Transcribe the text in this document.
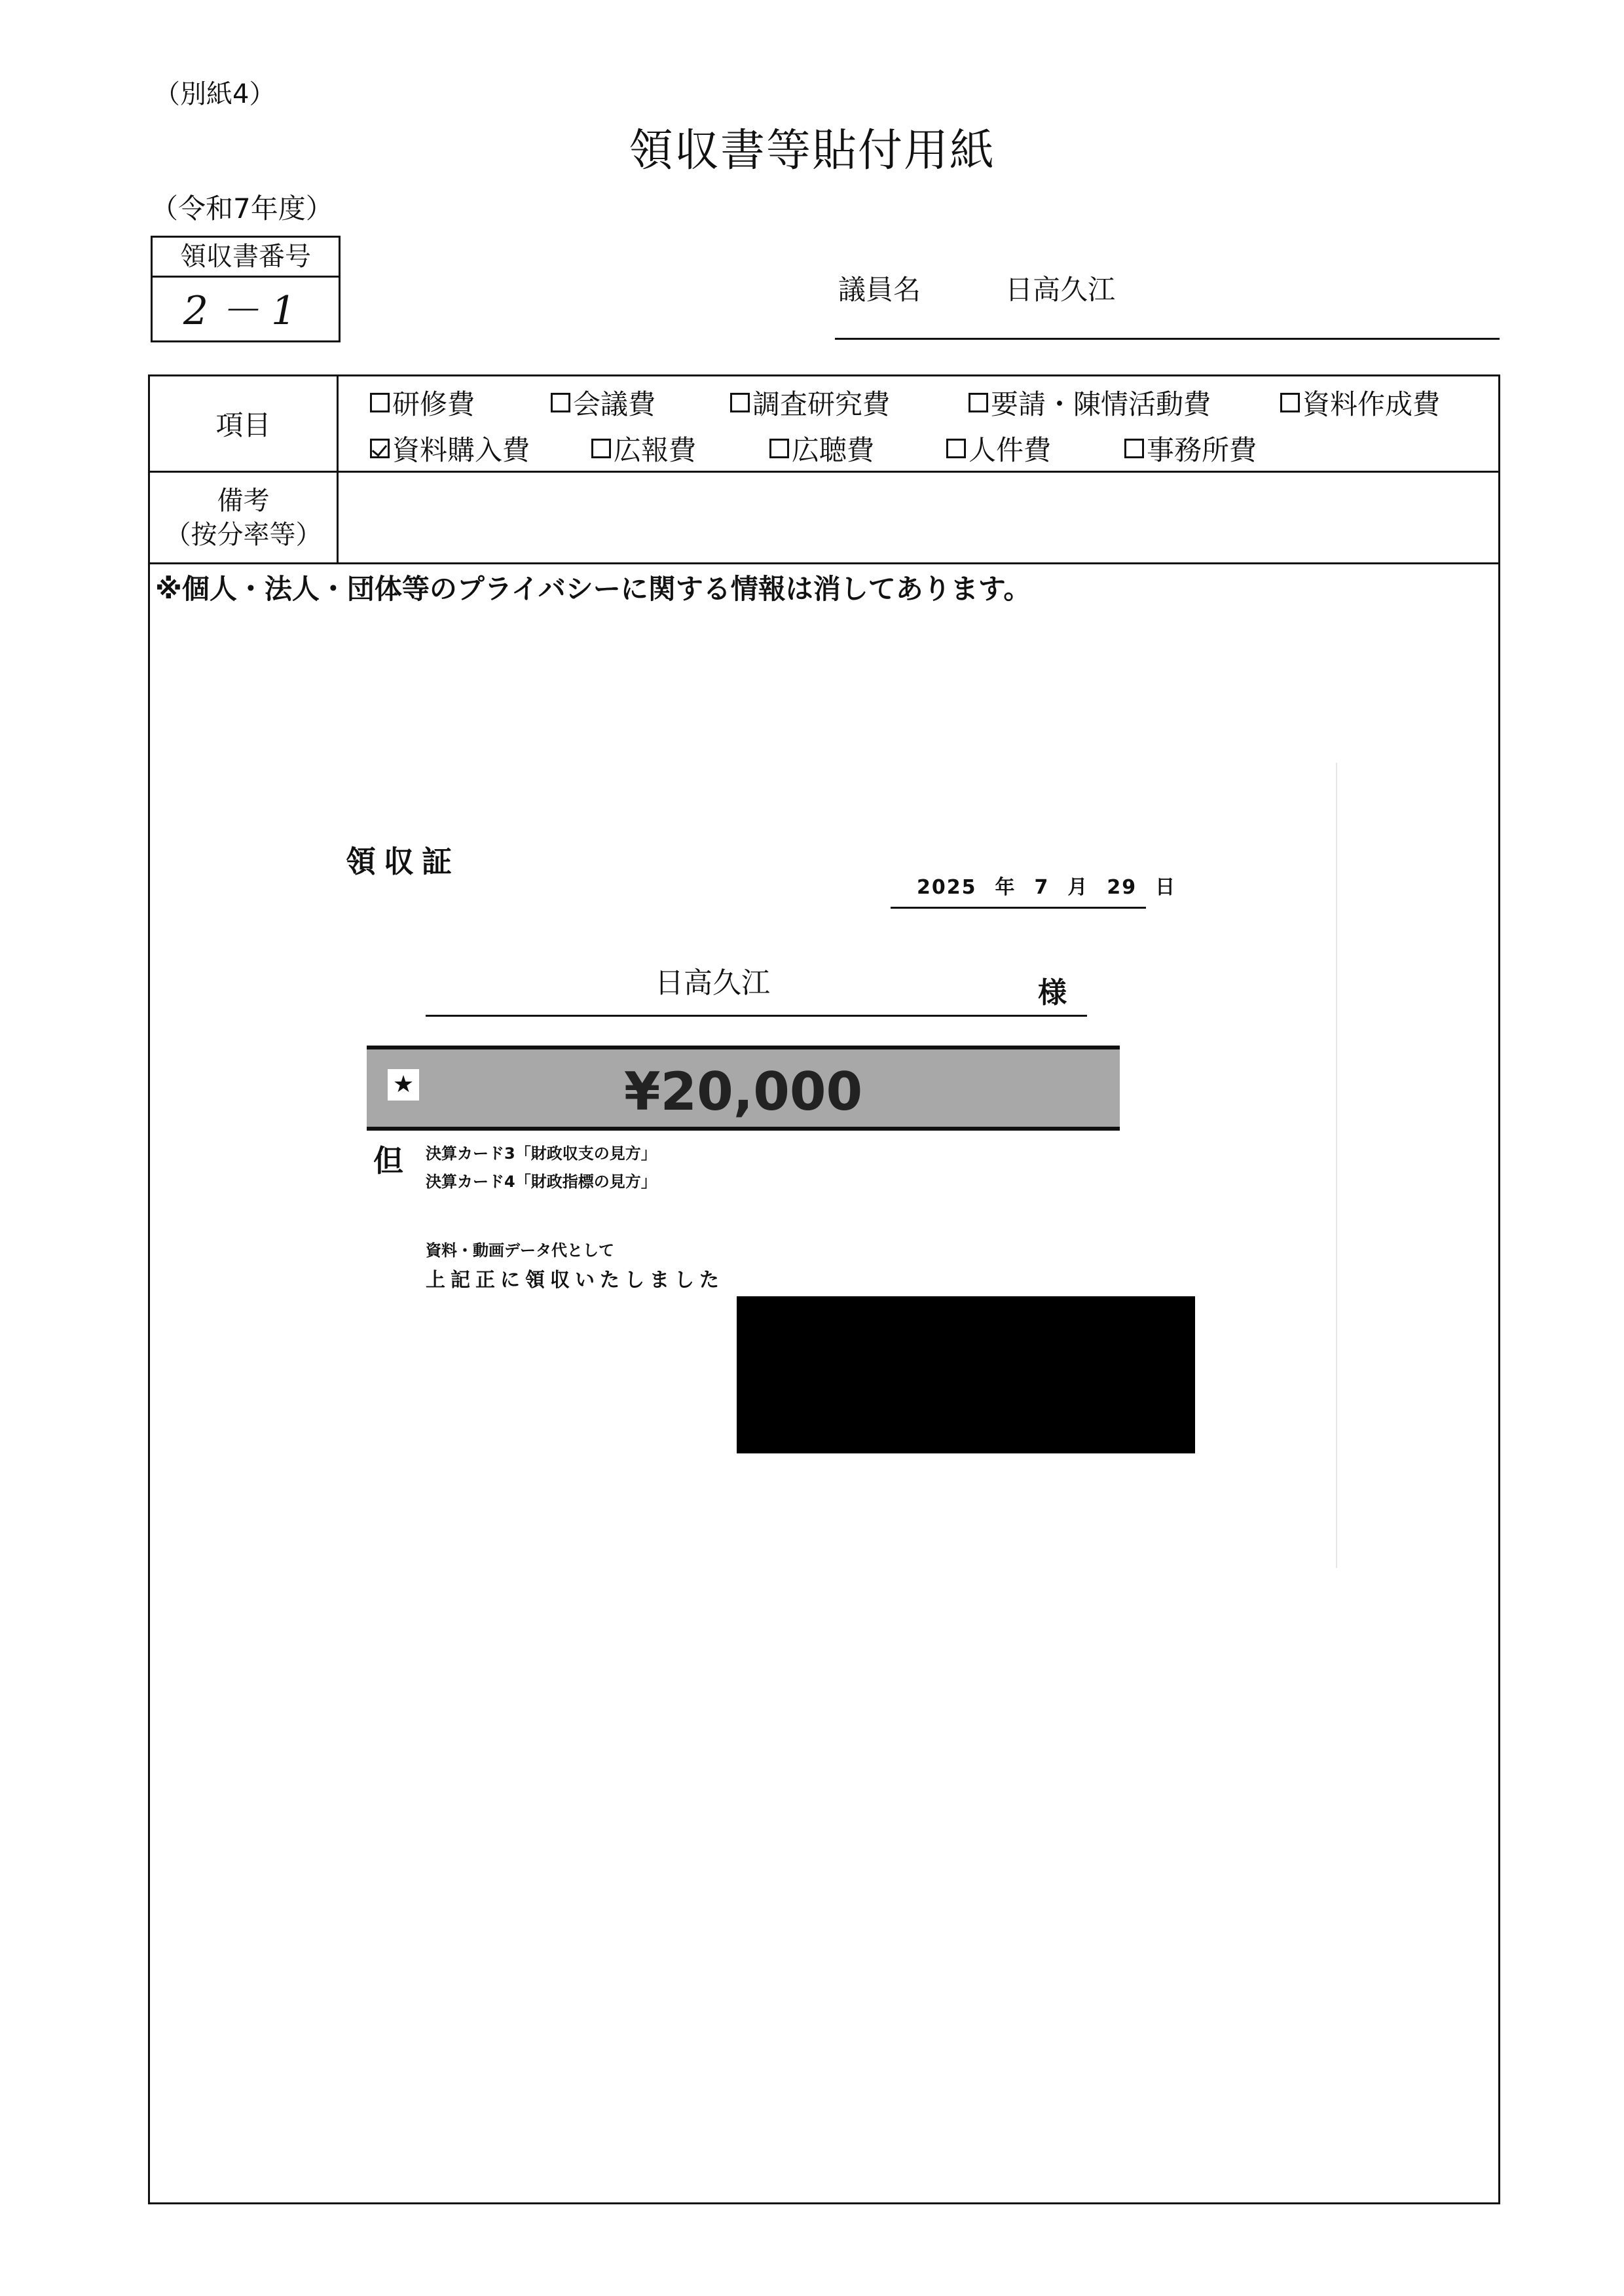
（別紙4）
領収書等貼付用紙
（令和7年度）
領収書番号
2－1	議員名	日高久江
項目
研修費	会議費	調査研究費	要請・陳情活動費	資料作成費
資料購入費	広報費	広聴費	人件費	事務所費
備考
（按分率等）
※個人・法人・団体等のプライバシーに関する情報は消してあります。
領収証
2025 年 7 月 29 日
日高久江	様
★	¥20,000
但 決算カード3「財政収支の見方」
決算カード4「財政指標の見方」
資料・動画データ代として
上記正に領収いたしました
